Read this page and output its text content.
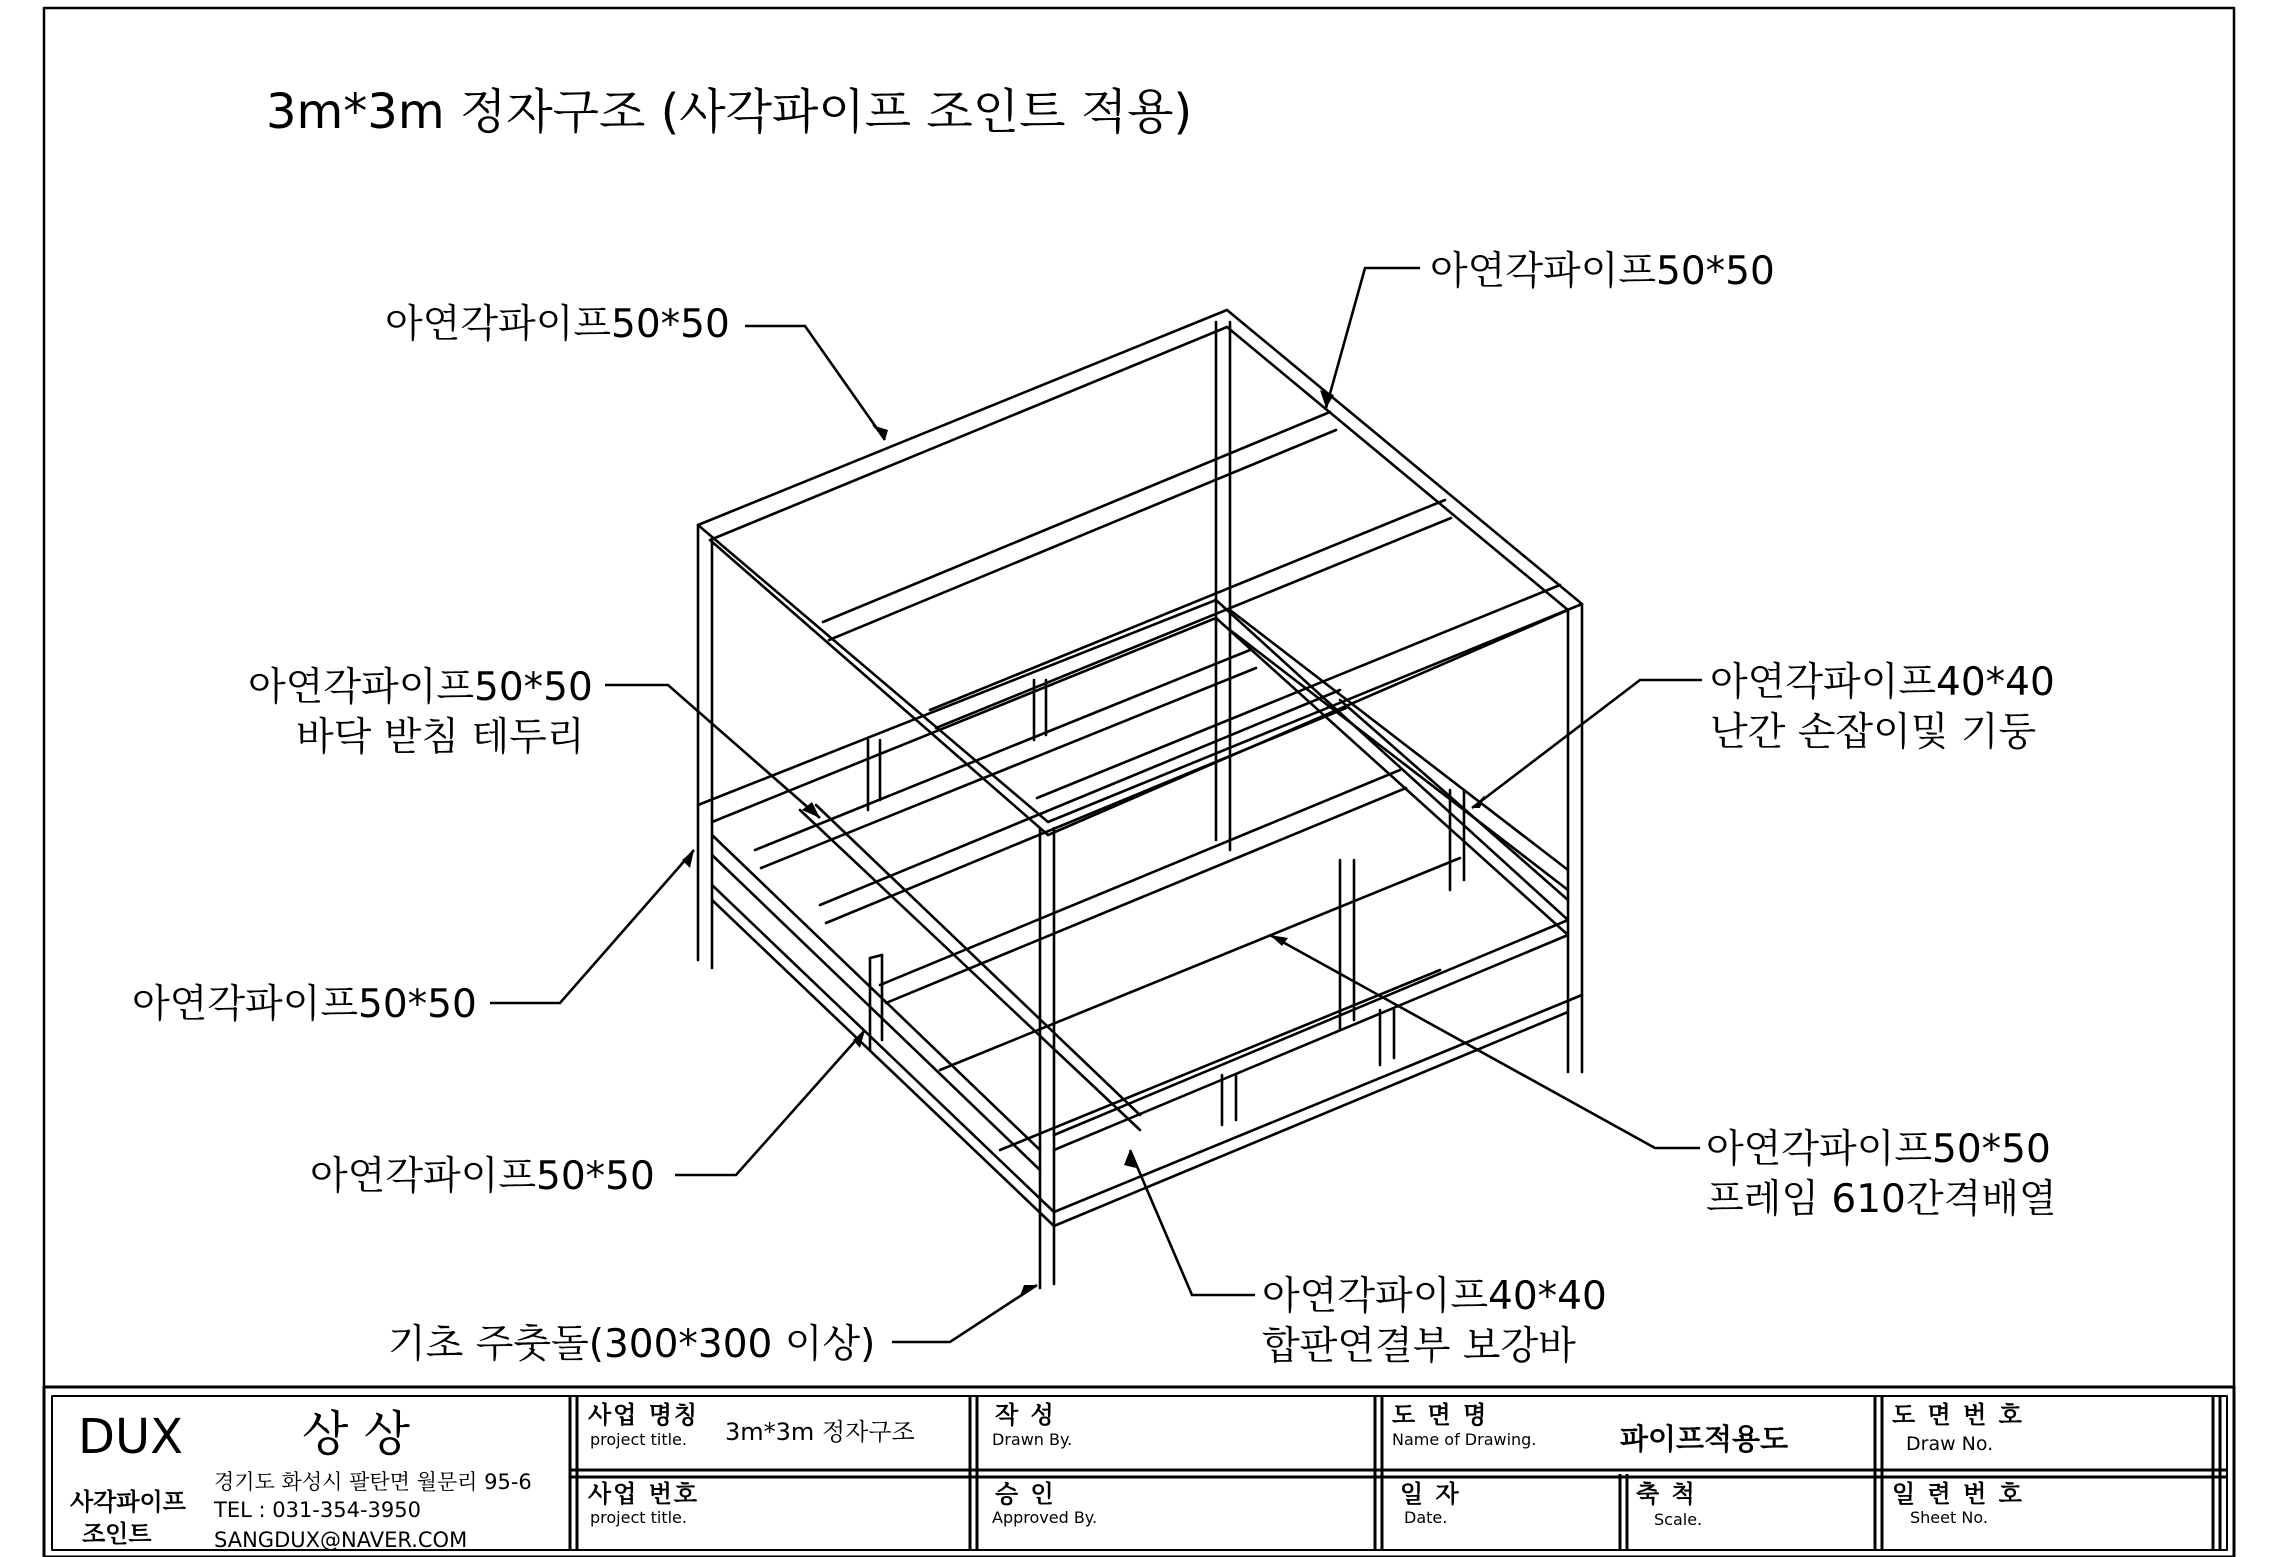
3m*3m 정자구조 (사각파이프 조인트 적용)
아연각파이프50*50
아연각파이프50*50
아연각파이프50*50
바닥 받침 테두리
아연각파이프50*50
아연각파이프50*50
기초 주춧돌(300*300 이상)
아연각파이프40*40
난간 손잡이및 기둥
아연각파이프50*50
프레임 610간격배열
아연각파이프40*40
합판연결부 보강바
DUX 상 상
사각파이프
조인트
경기도 화성시 팔탄면 월문리 95-6
TEL : 031-354-3950
SANGDUX@NAVER.COM
사업 명칭
project title. 3m*3m 정자구조
사업 번호
project title.
작 성
Drawn By.
승 인
Approved By.
도 면 명
Name of Drawing.	파이프적용도
일 자
Date.
축 척
Scale.
도 면 번 호
Draw No.
일 련 번 호
Sheet No.
